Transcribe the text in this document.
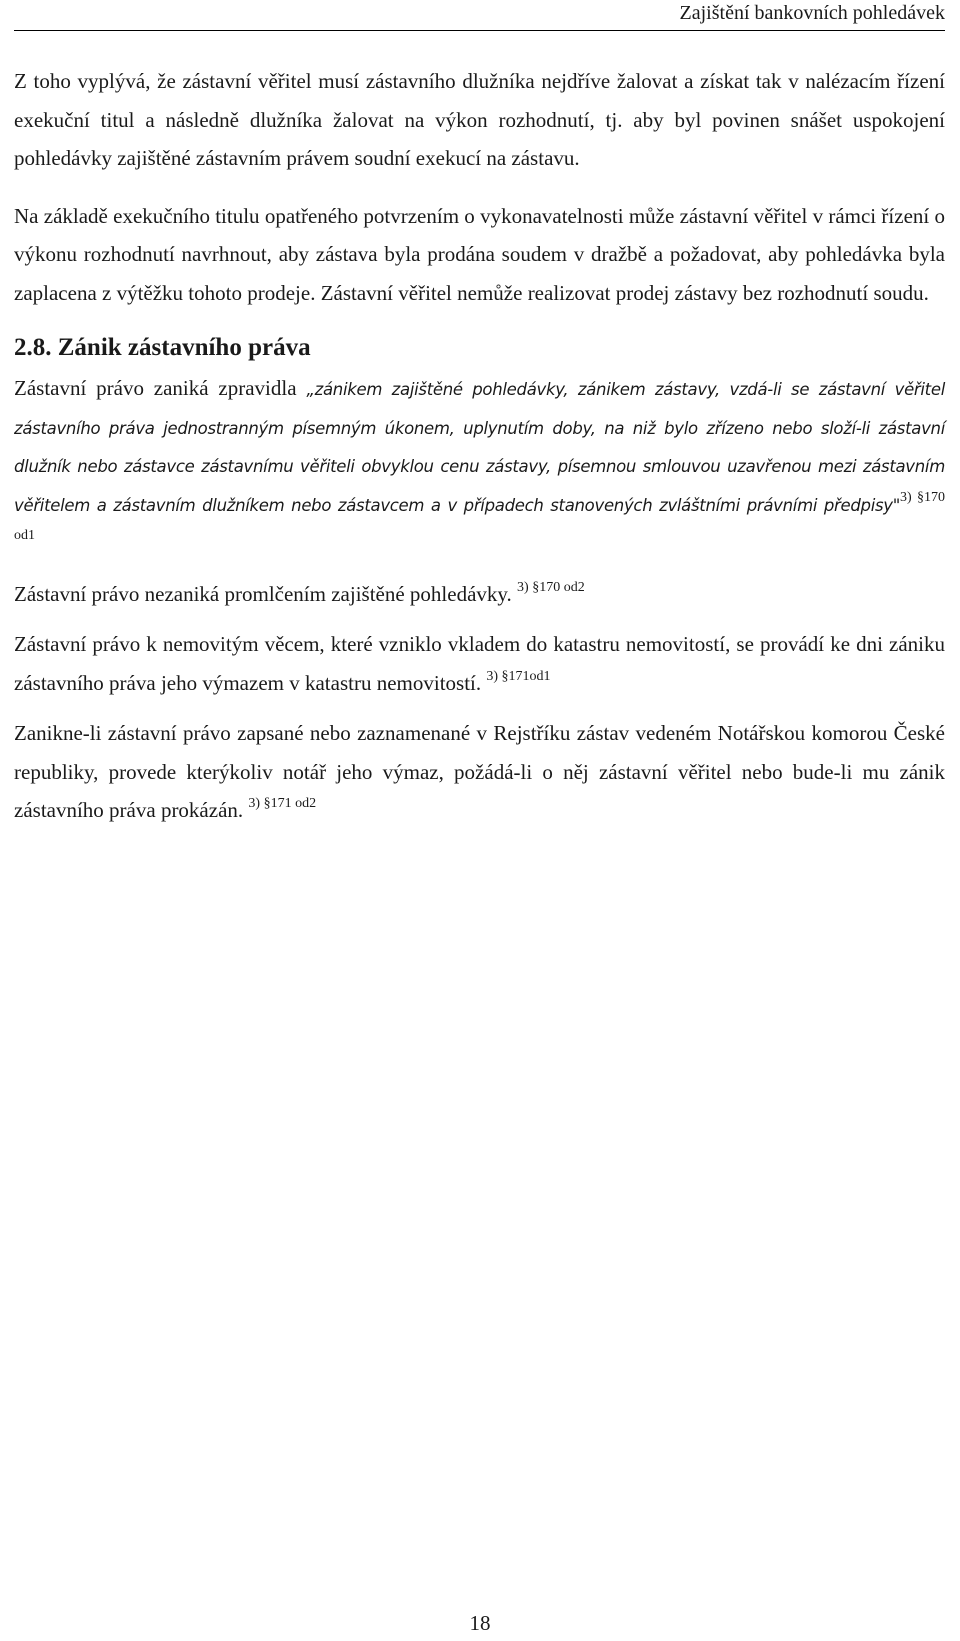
Zajištění bankovních pohledávek

Z toho vyplývá, že zástavní věřitel musí zástavního dlužníka nejdříve žalovat a získat tak v nalézacím řízení exekuční titul a následně dlužníka žalovat na výkon rozhodnutí, tj. aby byl povinen snášet uspokojení pohledávky zajištěné zástavním právem soudní exekucí na zástavu.

Na základě exekučního titulu opatřeného potvrzením o vykonavatelnosti může zástavní věřitel v rámci řízení o výkonu rozhodnutí navrhnout, aby zástava byla prodána soudem v dražbě a požadovat, aby pohledávka byla zaplacena z výtěžku tohoto prodeje. Zástavní věřitel nemůže realizovat prodej zástavy bez rozhodnutí soudu.

2.8. Zánik zástavního práva

Zástavní právo zaniká zpravidla „zánikem zajištěné pohledávky, zánikem zástavy, vzdá-li se zástavní věřitel zástavního práva jednostranným písemným úkonem, uplynutím doby, na niž bylo zřízeno nebo složí-li zástavní dlužník nebo zástavce zástavnímu věřiteli obvyklou cenu zástavy, písemnou smlouvou uzavřenou mezi zástavním věřitelem a zástavním dlužníkem nebo zástavcem a v případech stanovených zvláštními právními předpisy"$^{3) \S 170 od1}$

Zástavní právo nezaniká promlčením zajištěné pohledávky. $^{3) \S 170 od2}$

Zástavní právo k nemovitým věcem, které vzniklo vkladem do katastru nemovitostí, se provádí ke dni zániku zástavního práva jeho výmazem v katastru nemovitostí. $^{3) \S 171od1}$

Zanikne-li zástavní právo zapsané nebo zaznamenané v Rejstříku zástav vedeném Notářskou komorou České republiky, provede kterýkoliv notář jeho výmaz, požádá-li o něj zástavní věřitel nebo bude-li mu zánik zástavního práva prokázán. $^{3) \S 171 od2}$

18
